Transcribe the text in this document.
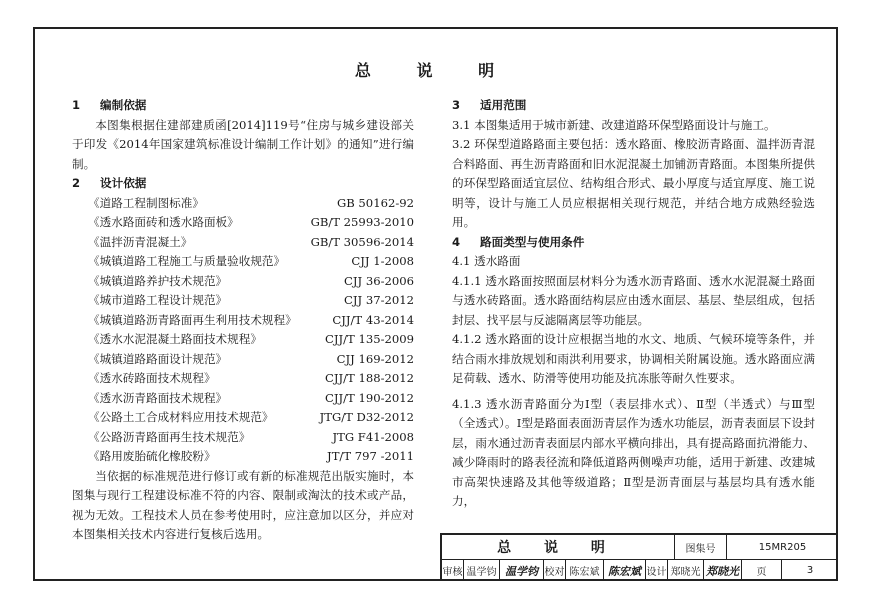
总 说 明
1 编制依据
本图集根据住建部建质函[2014]119号“住房与城乡建设部关于印发《2014年国家建筑标准设计编制工作计划》的通知”进行编制。
2 设计依据
《道路工程制图标准》	GB 50162-92
《透水路面砖和透水路面板》	GB/T 25993-2010
《温拌沥青混凝土》	GB/T 30596-2014
《城镇道路工程施工与质量验收规范》	CJJ 1-2008
《城镇道路养护技术规范》	CJJ 36-2006
《城市道路工程设计规范》	CJJ 37-2012
《城镇道路沥青路面再生利用技术规程》	CJJ/T 43-2014
《透水水泥混凝土路面技术规程》	CJJ/T 135-2009
《城镇道路路面设计规范》	CJJ 169-2012
《透水砖路面技术规程》	CJJ/T 188-2012
《透水沥青路面技术规程》	CJJ/T 190-2012
《公路土工合成材料应用技术规范》	JTG/T D32-2012
《公路沥青路面再生技术规范》	JTG F41-2008
《路用废胎硫化橡胶粉》	JT/T 797 -2011
当依据的标准规范进行修订或有新的标准规范出版实施时，本图集与现行工程建设标准不符的内容、限制或淘汰的技术或产品，视为无效。工程技术人员在参考使用时，应注意加以区分，并应对本图集相关技术内容进行复核后选用。
3 适用范围
3.1 本图集适用于城市新建、改建道路环保型路面设计与施工。
3.2 环保型道路路面主要包括：透水路面、橡胶沥青路面、温拌沥青混合料路面、再生沥青路面和旧水泥混凝土加铺沥青路面。本图集所提供的环保型路面适宜层位、结构组合形式、最小厚度与适宜厚度、施工说明等，设计与施工人员应根据相关现行规范，并结合地方成熟经验选用。
4 路面类型与使用条件
4.1 透水路面
4.1.1 透水路面按照面层材料分为透水沥青路面、透水水泥混凝土路面与透水砖路面。透水路面结构层应由透水面层、基层、垫层组成，包括封层、找平层与反滤隔离层等功能层。
4.1.2 透水路面的设计应根据当地的水文、地质、气候环境等条件，并结合雨水排放规划和雨洪利用要求，协调相关附属设施。透水路面应满足荷载、透水、防滑等使用功能及抗冻胀等耐久性要求。
4.1.3 透水沥青路面分为Ⅰ型（表层排水式）、Ⅱ型（半透式）与Ⅲ型（全透式）。Ⅰ型是路面表面沥青层作为透水功能层，沥青表面层下设封层，雨水通过沥青表面层内部水平横向排出，具有提高路面抗滑能力、减少降雨时的路表径流和降低道路两侧噪声功能，适用于新建、改建城市高架快速路及其他等级道路；Ⅱ型是沥青面层与基层均具有透水能力，
总 说 明	图集号	15MR205
审核 温学钧 温学钧 校对 陈宏斌 陈宏斌 设计 郑晓光 郑晓光	页	3
